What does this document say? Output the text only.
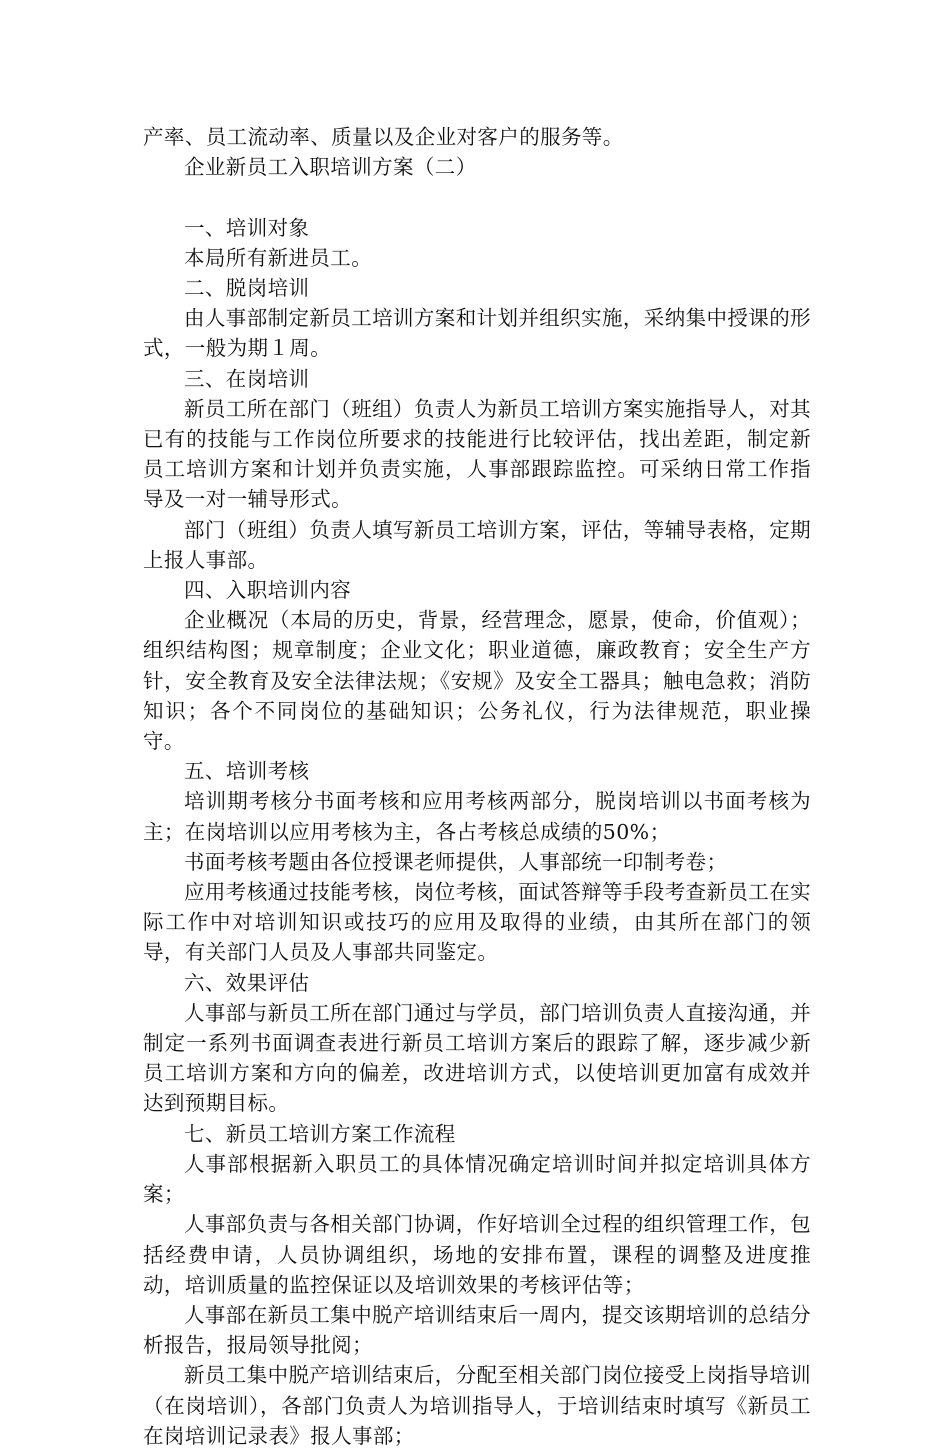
产率、员工流动率、质量以及企业对客户的服务等。

企业新员工入职培训方案（二）

一、培训对象

本局所有新进员工。

二、脱岗培训

由人事部制定新员工培训方案和计划并组织实施，采纳集中授课的形式，一般为期１周。

三、在岗培训

新员工所在部门（班组）负责人为新员工培训方案实施指导人，对其已有的技能与工作岗位所要求的技能进行比较评估，找出差距，制定新员工培训方案和计划并负责实施，人事部跟踪监控。可采纳日常工作指导及一对一辅导形式。

部门（班组）负责人填写新员工培训方案，评估，等辅导表格，定期上报人事部。

四、入职培训内容

企业概况（本局的历史，背景，经营理念，愿景，使命，价值观）；组织结构图；规章制度；企业文化；职业道德，廉政教育；安全生产方针，安全教育及安全法律法规；《安规》及安全工器具；触电急救；消防知识；各个不同岗位的基础知识；公务礼仪，行为法律规范，职业操守。

五、培训考核

培训期考核分书面考核和应用考核两部分，脱岗培训以书面考核为主；在岗培训以应用考核为主，各占考核总成绩的50%；

书面考核考题由各位授课老师提供，人事部统一印制考卷；

应用考核通过技能考核，岗位考核，面试答辩等手段考查新员工在实际工作中对培训知识或技巧的应用及取得的业绩，由其所在部门的领导，有关部门人员及人事部共同鉴定。

六、效果评估

人事部与新员工所在部门通过与学员，部门培训负责人直接沟通，并制定一系列书面调查表进行新员工培训方案后的跟踪了解，逐步减少新员工培训方案和方向的偏差，改进培训方式，以使培训更加富有成效并达到预期目标。

七、新员工培训方案工作流程

人事部根据新入职员工的具体情况确定培训时间并拟定培训具体方案；

人事部负责与各相关部门协调，作好培训全过程的组织管理工作，包括经费申请，人员协调组织，场地的安排布置，课程的调整及进度推动，培训质量的监控保证以及培训效果的考核评估等；

人事部在新员工集中脱产培训结束后一周内，提交该期培训的总结分析报告，报局领导批阅；

新员工集中脱产培训结束后，分配至相关部门岗位接受上岗指导培训（在岗培训），各部门负责人为培训指导人，于培训结束时填写《新员工在岗培训记录表》报人事部；
